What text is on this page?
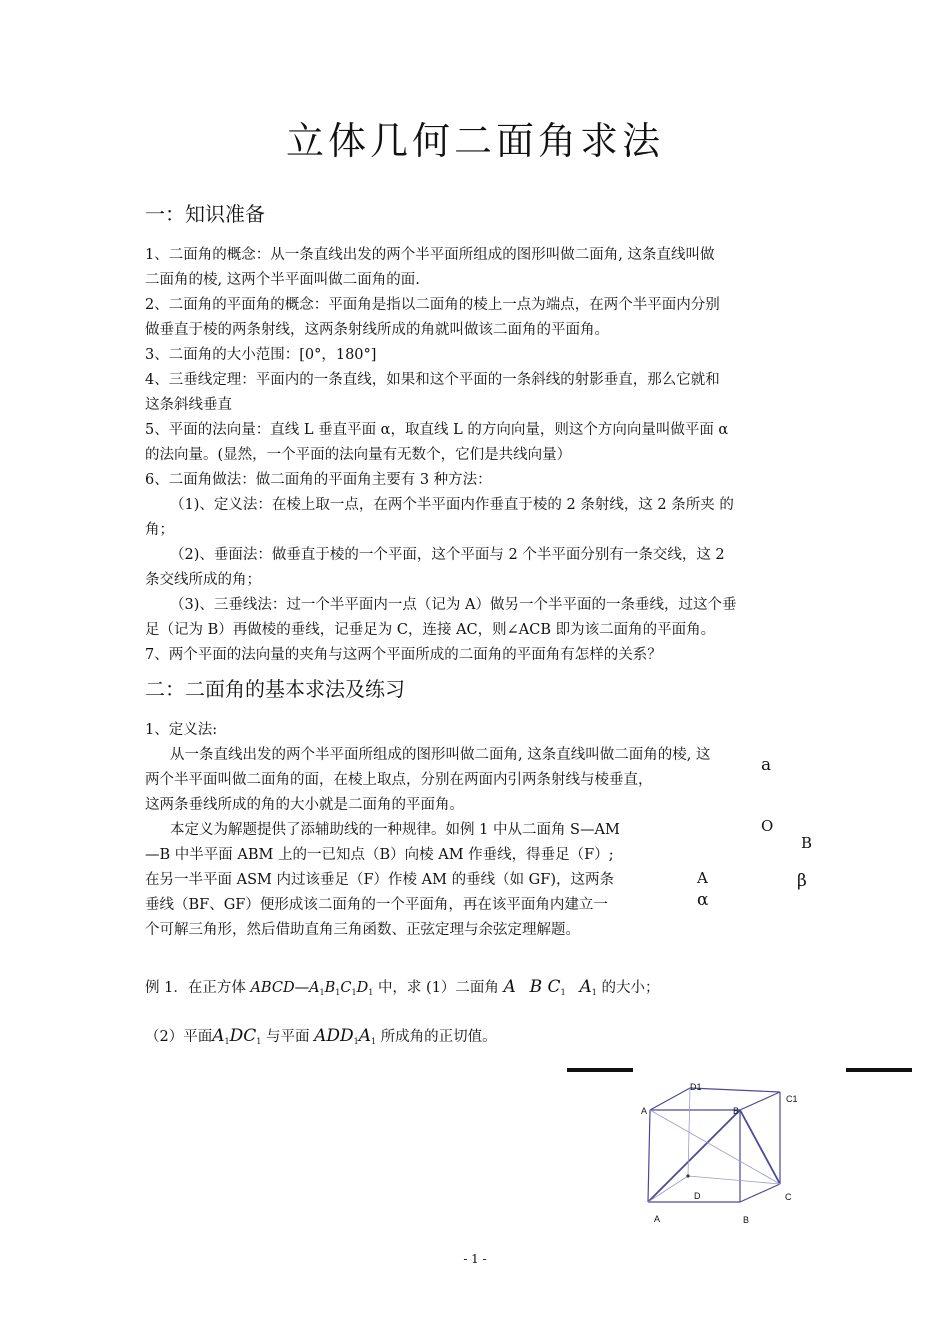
立体几何二面角求法
一：知识准备
1、二面角的概念：从一条直线出发的两个半平面所组成的图形叫做二面角, 这条直线叫做
二面角的棱, 这两个半平面叫做二面角的面.
2、二面角的平面角的概念：平面角是指以二面角的棱上一点为端点，在两个半平面内分别
做垂直于棱的两条射线，这两条射线所成的角就叫做该二面角的平面角。
3、二面角的大小范围：[0°，180°]
4、三垂线定理：平面内的一条直线，如果和这个平面的一条斜线的射影垂直，那么它就和
这条斜线垂直
5、平面的法向量：直线 L 垂直平面 α，取直线 L 的方向向量，则这个方向向量叫做平面 α
的法向量。(显然，一个平面的法向量有无数个，它们是共线向量）
6、二面角做法：做二面角的平面角主要有 3 种方法：
（1)、定义法：在棱上取一点，在两个半平面内作垂直于棱的 2 条射线，这 2 条所夹 的
角；
（2)、垂面法：做垂直于棱的一个平面，这个平面与 2 个半平面分别有一条交线，这 2
条交线所成的角；
（3)、三垂线法：过一个半平面内一点（记为 A）做另一个半平面的一条垂线，过这个垂
足（记为 B）再做棱的垂线，记垂足为 C，连接 AC，则∠ACB 即为该二面角的平面角。
7、两个平面的法向量的夹角与这两个平面所成的二面角的平面角有怎样的关系？
二：二面角的基本求法及练习
1、定义法:
从一条直线出发的两个半平面所组成的图形叫做二面角, 这条直线叫做二面角的棱, 这
两个半平面叫做二面角的面，在棱上取点，分别在两面内引两条射线与棱垂直，
这两条垂线所成的角的大小就是二面角的平面角。
本定义为解题提供了添辅助线的一种规律。如例 1 中从二面角 S—AM
—B 中半平面 ABM 上的一已知点（B）向棱 AM 作垂线，得垂足（F）;
在另一半平面 ASM 内过该垂足（F）作棱 AM 的垂线（如 GF)，这两条
垂线（BF、GF）便形成该二面角的一个平面角，再在该平面角内建立一
个可解三角形，然后借助直角三角函数、正弦定理与余弦定理解题。
a
O
B
A	β
α
例 1．在正方体 $ABCD—A_1B_1C_1D_1$ 中，求 (1）二面角 A B $C_1$ $A_1$ 的大小；
（2）平面$A_1DC_1$ 与平面 $ADD_1A_1$ 所成角的正切值。
D1
C1
A	B
D	C
A	B
- 1 -
